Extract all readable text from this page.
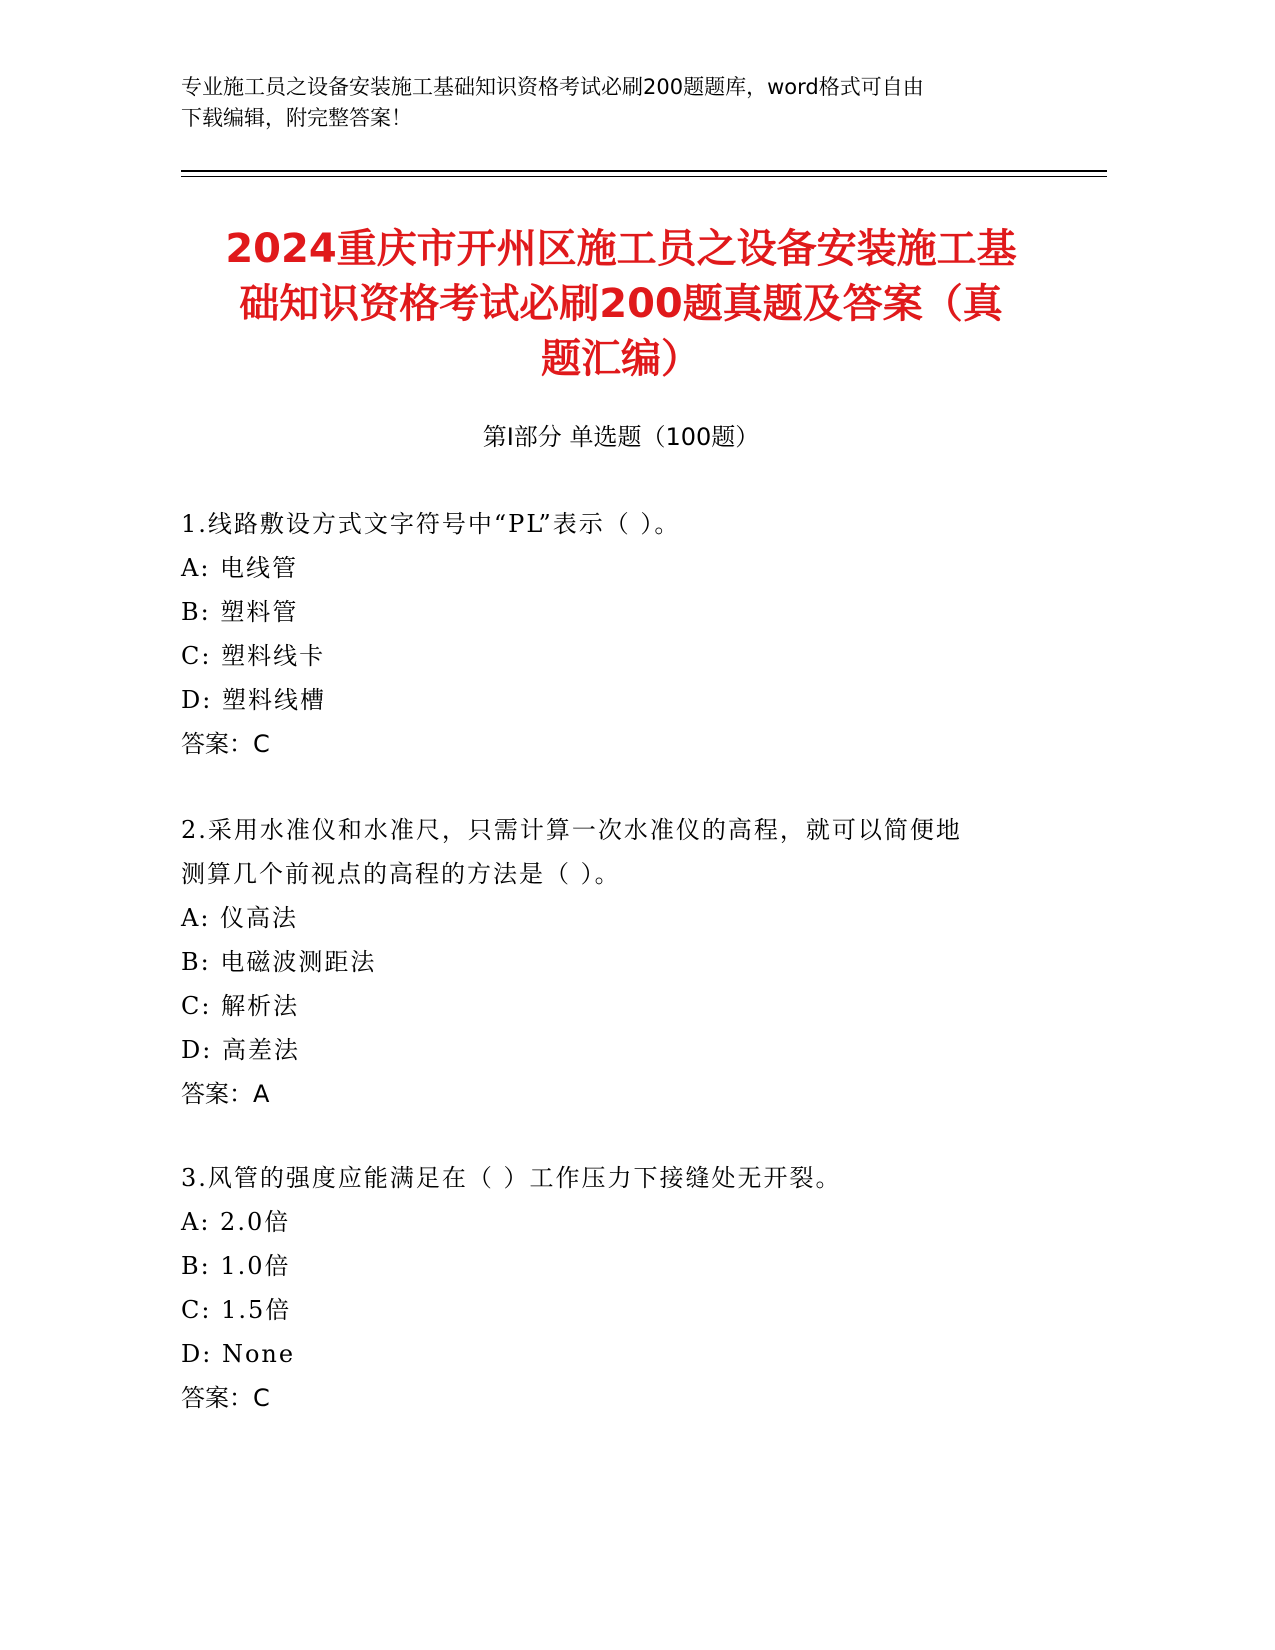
专业施工员之设备安装施工基础知识资格考试必刷200题题库，word格式可自由
下载编辑，附完整答案！
2024重庆市开州区施工员之设备安装施工基
础知识资格考试必刷200题真题及答案（真
题汇编）
第Ⅰ部分 单选题（100题）
1.线路敷设方式文字符号中“PL”表示（ ）。
A: 电线管
B: 塑料管
C: 塑料线卡
D: 塑料线槽
答案：C
2.采用水准仪和水准尺，只需计算一次水准仪的高程，就可以简便地
测算几个前视点的高程的方法是（ ）。
A: 仪高法
B: 电磁波测距法
C: 解析法
D: 高差法
答案：A
3.风管的强度应能满足在（ ）工作压力下接缝处无开裂。
A: 2.0倍
B: 1.0倍
C: 1.5倍
D: None
答案：C
